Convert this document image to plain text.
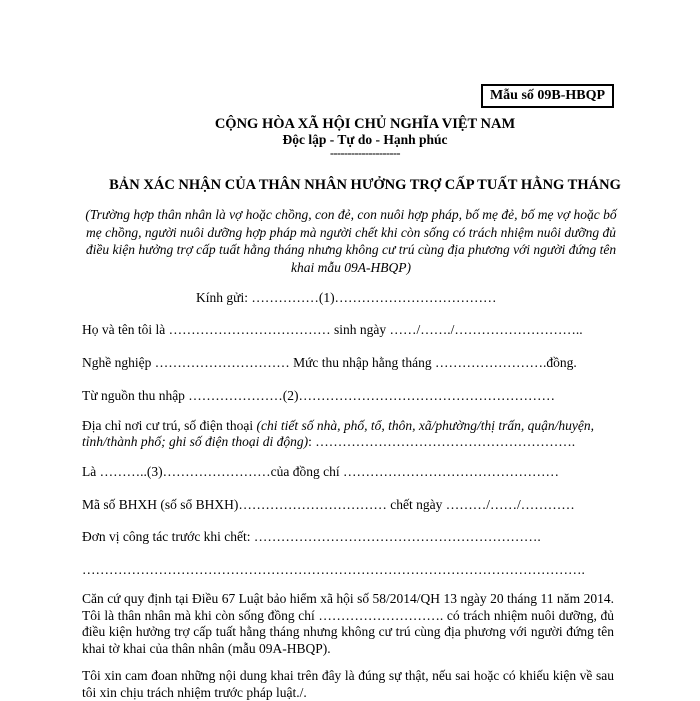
Mẫu số 09B-HBQP
CỘNG HÒA XÃ HỘI CHỦ NGHĨA VIỆT NAM
Độc lập - Tự do - Hạnh phúc
--------------------
BẢN XÁC NHẬN CỦA THÂN NHÂN HƯỞNG TRỢ CẤP TUẤT HẰNG THÁNG
(Trường hợp thân nhân là vợ hoặc chồng, con đẻ, con nuôi hợp pháp, bố mẹ đẻ, bố mẹ vợ hoặc bố mẹ chồng, người nuôi dưỡng hợp pháp mà người chết khi còn sống có trách nhiệm nuôi dưỡng đủ điều kiện hưởng trợ cấp tuất hằng tháng nhưng không cư trú cùng địa phương với người đứng tên khai mẫu 09A-HBQP)
Kính gửi: ……………(1)………………………………
Họ và tên tôi là ……………………………… sinh ngày ……/……./………………………..
Nghề nghiệp ………………………… Mức thu nhập hằng tháng …………………….đồng.
Từ nguồn thu nhập …………………(2)…………………………………………………
Địa chỉ nơi cư trú, số điện thoại (chi tiết số nhà, phố, tổ, thôn, xã/phường/thị trấn, quận/huyện,
tỉnh/thành phố; ghi số điện thoại di động): ………………………………………………….
Là ………..(3)……………………của đồng chí …………………………………………
Mã số BHXH (số sổ BHXH)…………………………… chết ngày ………/……/…………
Đơn vị công tác trước khi chết: ……………………………………………………….
………………………………………………………………………………………………….
Căn cứ quy định tại Điều 67 Luật bảo hiểm xã hội số 58/2014/QH 13 ngày 20 tháng 11 năm 2014. Tôi là thân nhân mà khi còn sống đồng chí ………………………. có trách nhiệm nuôi dưỡng, đủ điều kiện hưởng trợ cấp tuất hằng tháng nhưng không cư trú cùng địa phương với người đứng tên khai tờ khai của thân nhân (mẫu 09A-HBQP).
Tôi xin cam đoan những nội dung khai trên đây là đúng sự thật, nếu sai hoặc có khiếu kiện về sau tôi xin chịu trách nhiệm trước pháp luật./.
